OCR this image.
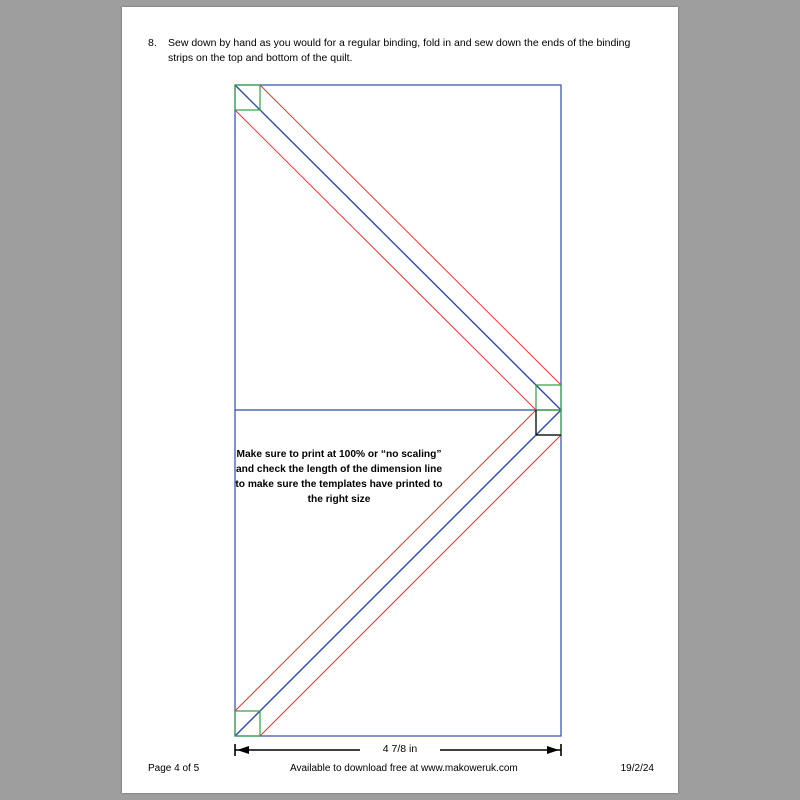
8. Sew down by hand as you would for a regular binding, fold in and sew down the ends of the binding strips on the top and bottom of the quilt.
Make sure to print at 100% or “no scaling” and check the length of the dimension line to make sure the templates have printed to the right size
4 7/8 in
Page 4 of 5	Available to download free at www.makoweruk.com	19/2/24
